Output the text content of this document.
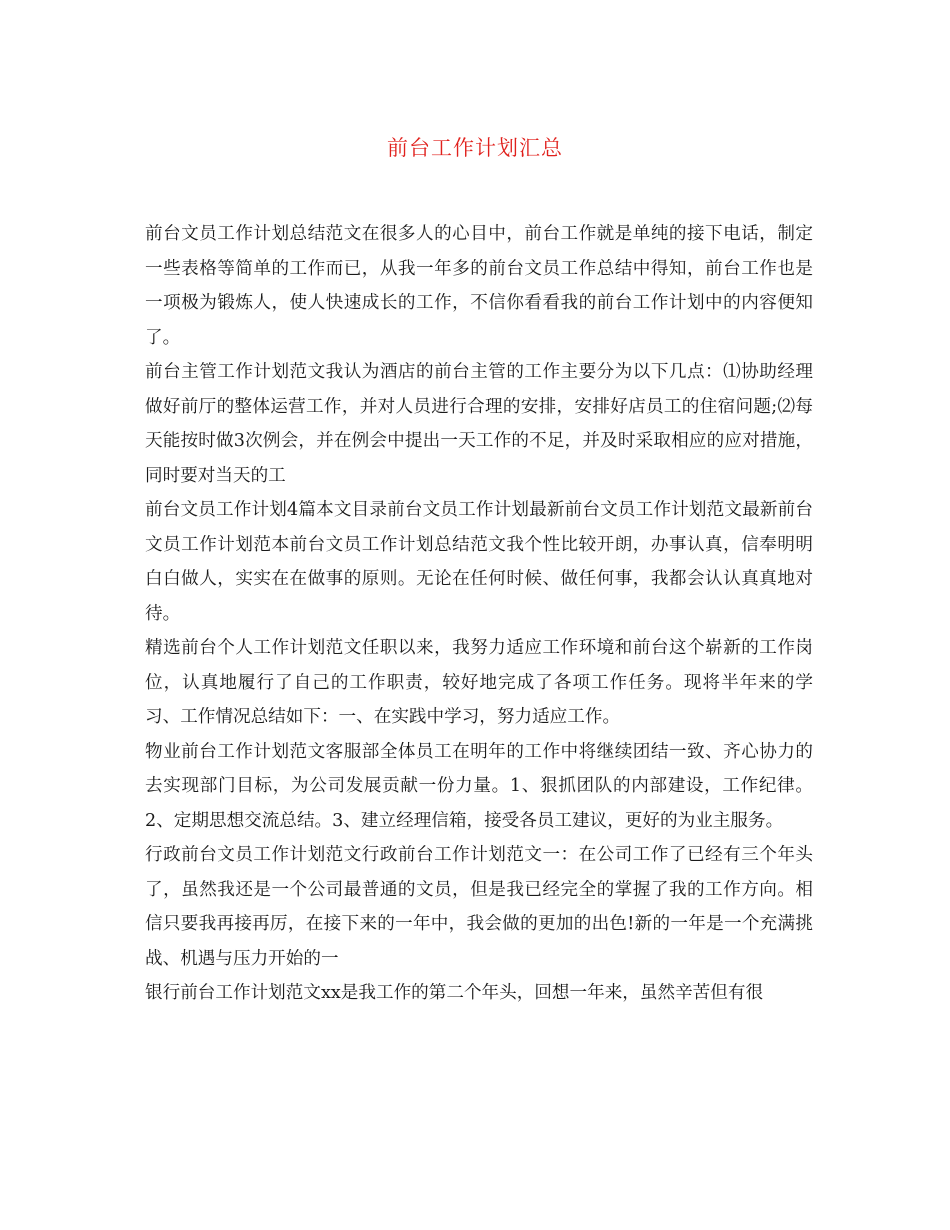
前台工作计划汇总

前台文员工作计划总结范文在很多人的心目中，前台工作就是单纯的接下电话，制定一些表格等简单的工作而已，从我一年多的前台文员工作总结中得知，前台工作也是一项极为锻炼人，使人快速成长的工作，不信你看看我的前台工作计划中的内容便知了。

前台主管工作计划范文我认为酒店的前台主管的工作主要分为以下几点：⑴协助经理做好前厅的整体运营工作，并对人员进行合理的安排，安排好店员工的住宿问题;⑵每天能按时做3次例会，并在例会中提出一天工作的不足，并及时采取相应的应对措施，同时要对当天的工

前台文员工作计划4篇本文目录前台文员工作计划最新前台文员工作计划范文最新前台文员工作计划范本前台文员工作计划总结范文我个性比较开朗，办事认真，信奉明明白白做人，实实在在做事的原则。无论在任何时候、做任何事，我都会认认真真地对待。

精选前台个人工作计划范文任职以来，我努力适应工作环境和前台这个崭新的工作岗位，认真地履行了自己的工作职责，较好地完成了各项工作任务。现将半年来的学习、工作情况总结如下：一、在实践中学习，努力适应工作。

物业前台工作计划范文客服部全体员工在明年的工作中将继续团结一致、齐心协力的去实现部门目标，为公司发展贡献一份力量。1、狠抓团队的内部建设，工作纪律。2、定期思想交流总结。3、建立经理信箱，接受各员工建议，更好的为业主服务。

行政前台文员工作计划范文行政前台工作计划范文一：在公司工作了已经有三个年头了，虽然我还是一个公司最普通的文员，但是我已经完全的掌握了我的工作方向。相信只要我再接再厉，在接下来的一年中，我会做的更加的出色!新的一年是一个充满挑战、机遇与压力开始的一

银行前台工作计划范文xx是我工作的第二个年头，回想一年来，虽然辛苦但有很
